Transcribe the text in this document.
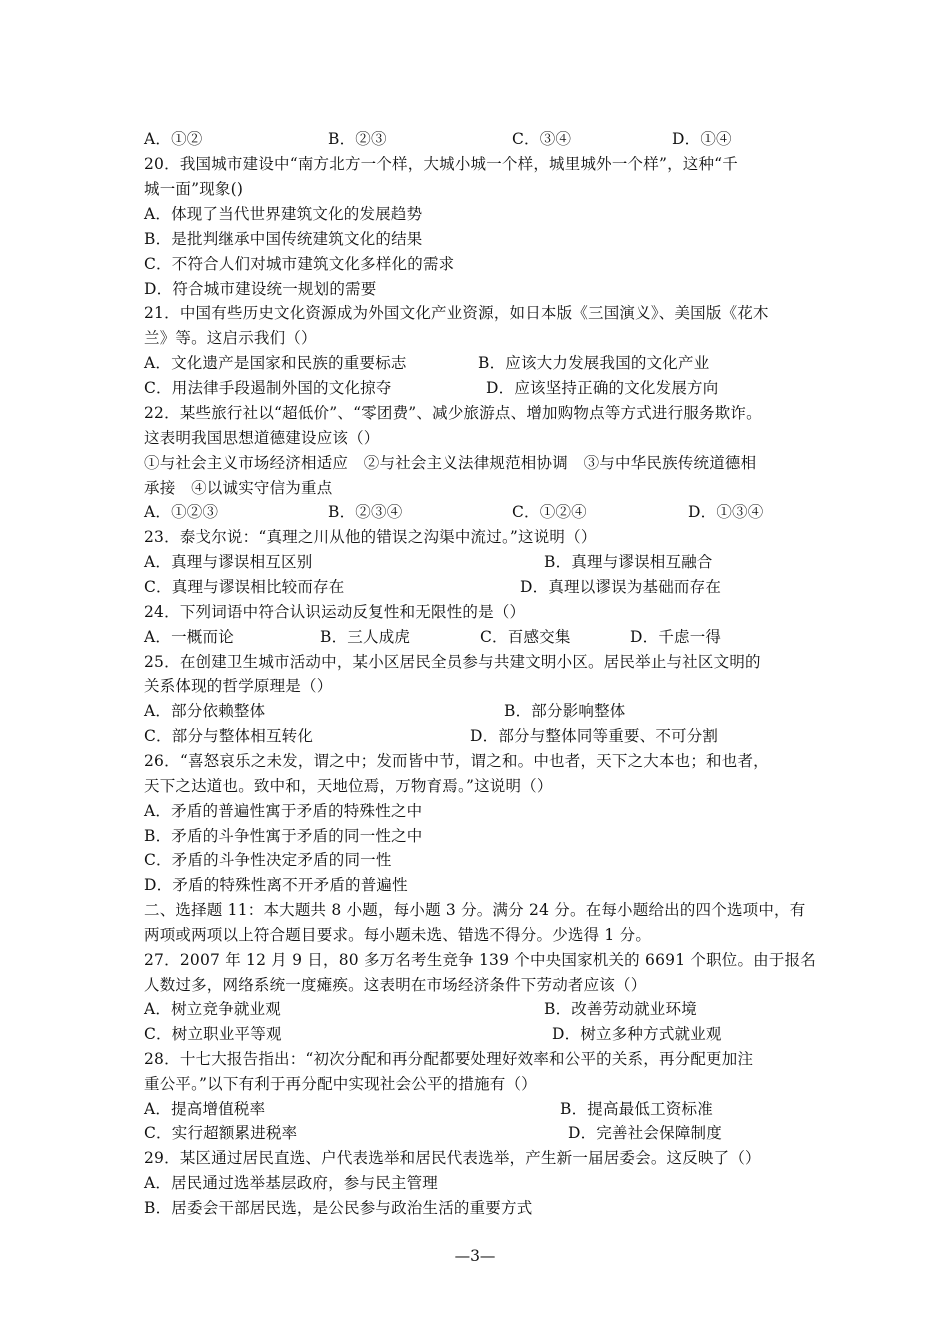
A．①②	B．②③	C．③④	D．①④
20．我国城市建设中“南方北方一个样，大城小城一个样，城里城外一个样”，这种“千
城一面”现象()
A．体现了当代世界建筑文化的发展趋势
B．是批判继承中国传统建筑文化的结果
C．不符合人们对城市建筑文化多样化的需求
D．符合城市建设统一规划的需要
21．中国有些历史文化资源成为外国文化产业资源，如日本版《三国演义》、美国版《花木
兰》等。这启示我们（）
A．文化遗产是国家和民族的重要标志	B．应该大力发展我国的文化产业
C．用法律手段遏制外国的文化掠夺	D．应该坚持正确的文化发展方向
22．某些旅行社以“超低价”、“零团费”、减少旅游点、增加购物点等方式进行服务欺诈。
这表明我国思想道德建设应该（）
①与社会主义市场经济相适应　②与社会主义法律规范相协调　③与中华民族传统道德相
承接　④以诚实守信为重点
A．①②③	B．②③④	C．①②④	D．①③④
23．泰戈尔说：“真理之川从他的错误之沟渠中流过。”这说明（）
A．真理与谬误相互区别	B．真理与谬误相互融合
C．真理与谬误相比较而存在	D．真理以谬误为基础而存在
24．下列词语中符合认识运动反复性和无限性的是（）
A．一概而论	B．三人成虎	C．百感交集	D．千虑一得
25．在创建卫生城市活动中，某小区居民全员参与共建文明小区。居民举止与社区文明的
关系体现的哲学原理是（）
A．部分依赖整体	B．部分影响整体
C．部分与整体相互转化	D．部分与整体同等重要、不可分割
26．“喜怒哀乐之未发，谓之中；发而皆中节，谓之和。中也者，天下之大本也；和也者，
天下之达道也。致中和，天地位焉，万物育焉。”这说明（）
A．矛盾的普遍性寓于矛盾的特殊性之中
B．矛盾的斗争性寓于矛盾的同一性之中
C．矛盾的斗争性决定矛盾的同一性
D．矛盾的特殊性离不开矛盾的普遍性
二、选择题 11：本大题共 8 小题，每小题 3 分。满分 24 分。在每小题给出的四个选项中，有
两项或两项以上符合题目要求。每小题未选、错选不得分。少选得 1 分。
27．2007 年 12 月 9 日，80 多万名考生竞争 139 个中央国家机关的 6691 个职位。由于报名
人数过多，网络系统一度瘫痪。这表明在市场经济条件下劳动者应该（）
A．树立竞争就业观	B．改善劳动就业环境
C．树立职业平等观	D．树立多种方式就业观
28．十七大报告指出：“初次分配和再分配都要处理好效率和公平的关系，再分配更加注
重公平。”以下有利于再分配中实现社会公平的措施有（）
A．提高增值税率	B．提高最低工资标准
C．实行超额累进税率	D．完善社会保障制度
29．某区通过居民直选、户代表选举和居民代表选举，产生新一届居委会。这反映了（）
A．居民通过选举基层政府，参与民主管理
B．居委会干部居民选，是公民参与政治生活的重要方式
—3—
